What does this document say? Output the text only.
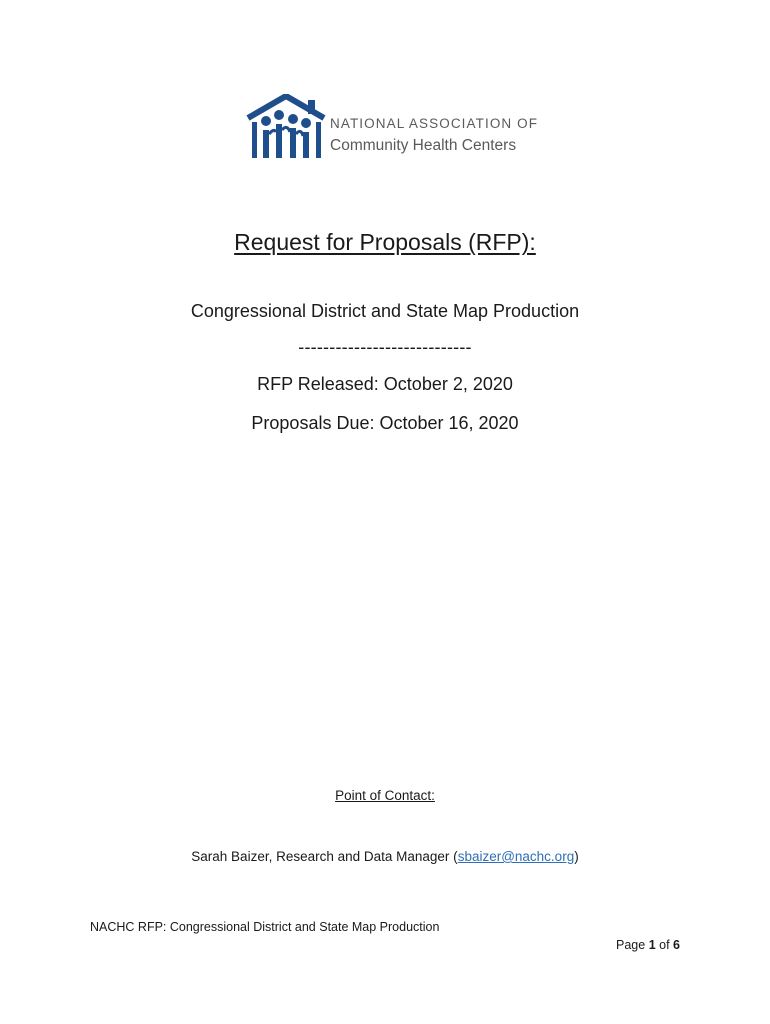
NATIONAL ASSOCIATION OF
Community Health Centers
Request for Proposals (RFP):
Congressional District and State Map Production
----------------------------
RFP Released: October 2, 2020
Proposals Due: October 16, 2020
Point of Contact:
Sarah Baizer, Research and Data Manager (sbaizer@nachc.org)
NACHC RFP: Congressional District and State Map Production
Page 1 of 6
